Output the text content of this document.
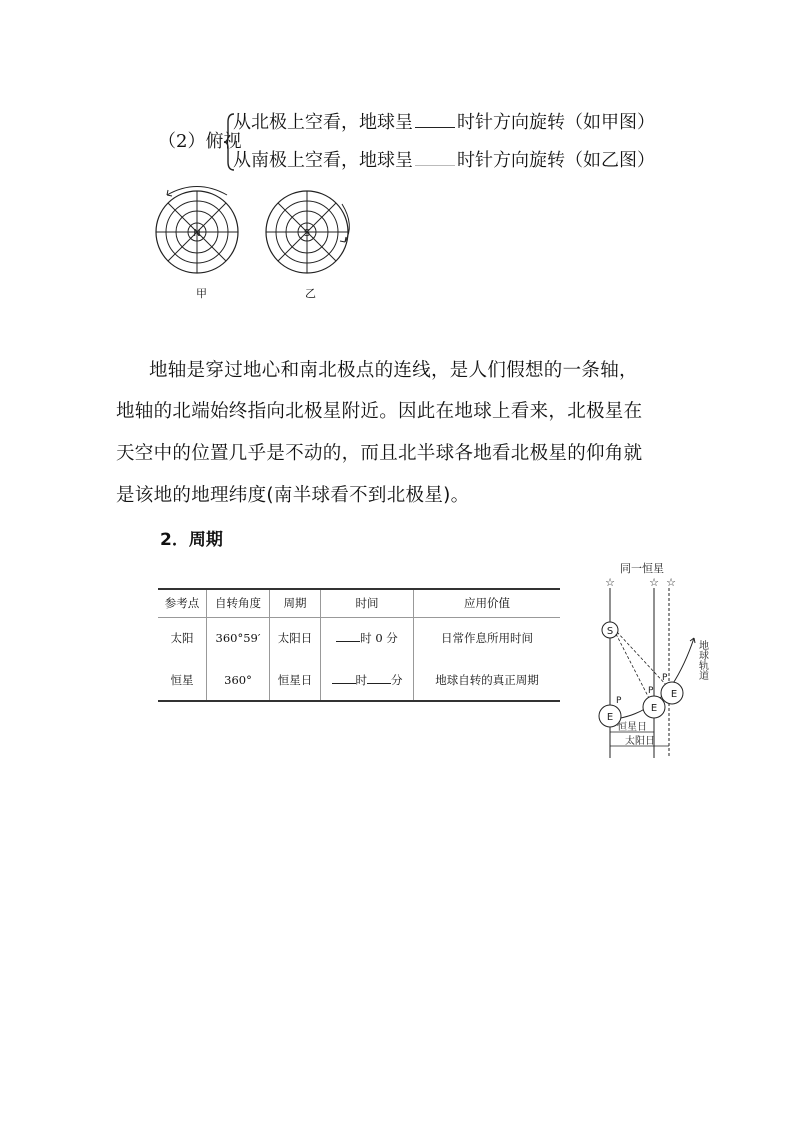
（2）俯视
从北极上空看，地球呈 时针方向旋转（如甲图）
从南极上空看，地球呈 时针方向旋转（如乙图）
N	S
甲	乙
地轴是穿过地心和南北极点的连线，是人们假想的一条轴，
地轴的北端始终指向北极星附近。因此在地球上看来，北极星在
天空中的位置几乎是不动的，而且北半球各地看北极星的仰角就
是该地的地理纬度(南半球看不到北极星)。
2．周期
参考点	自转角度	周期	时间	应用价值
太阳	360°59′	太阳日	时 0 分	日常作息所用时间
恒星	360°	恒星日	时 分	地球自转的真正周期
同一恒星
☆	☆ ☆
S
E
P
E
P E
P	地球轨道
恒星日
太阳日
